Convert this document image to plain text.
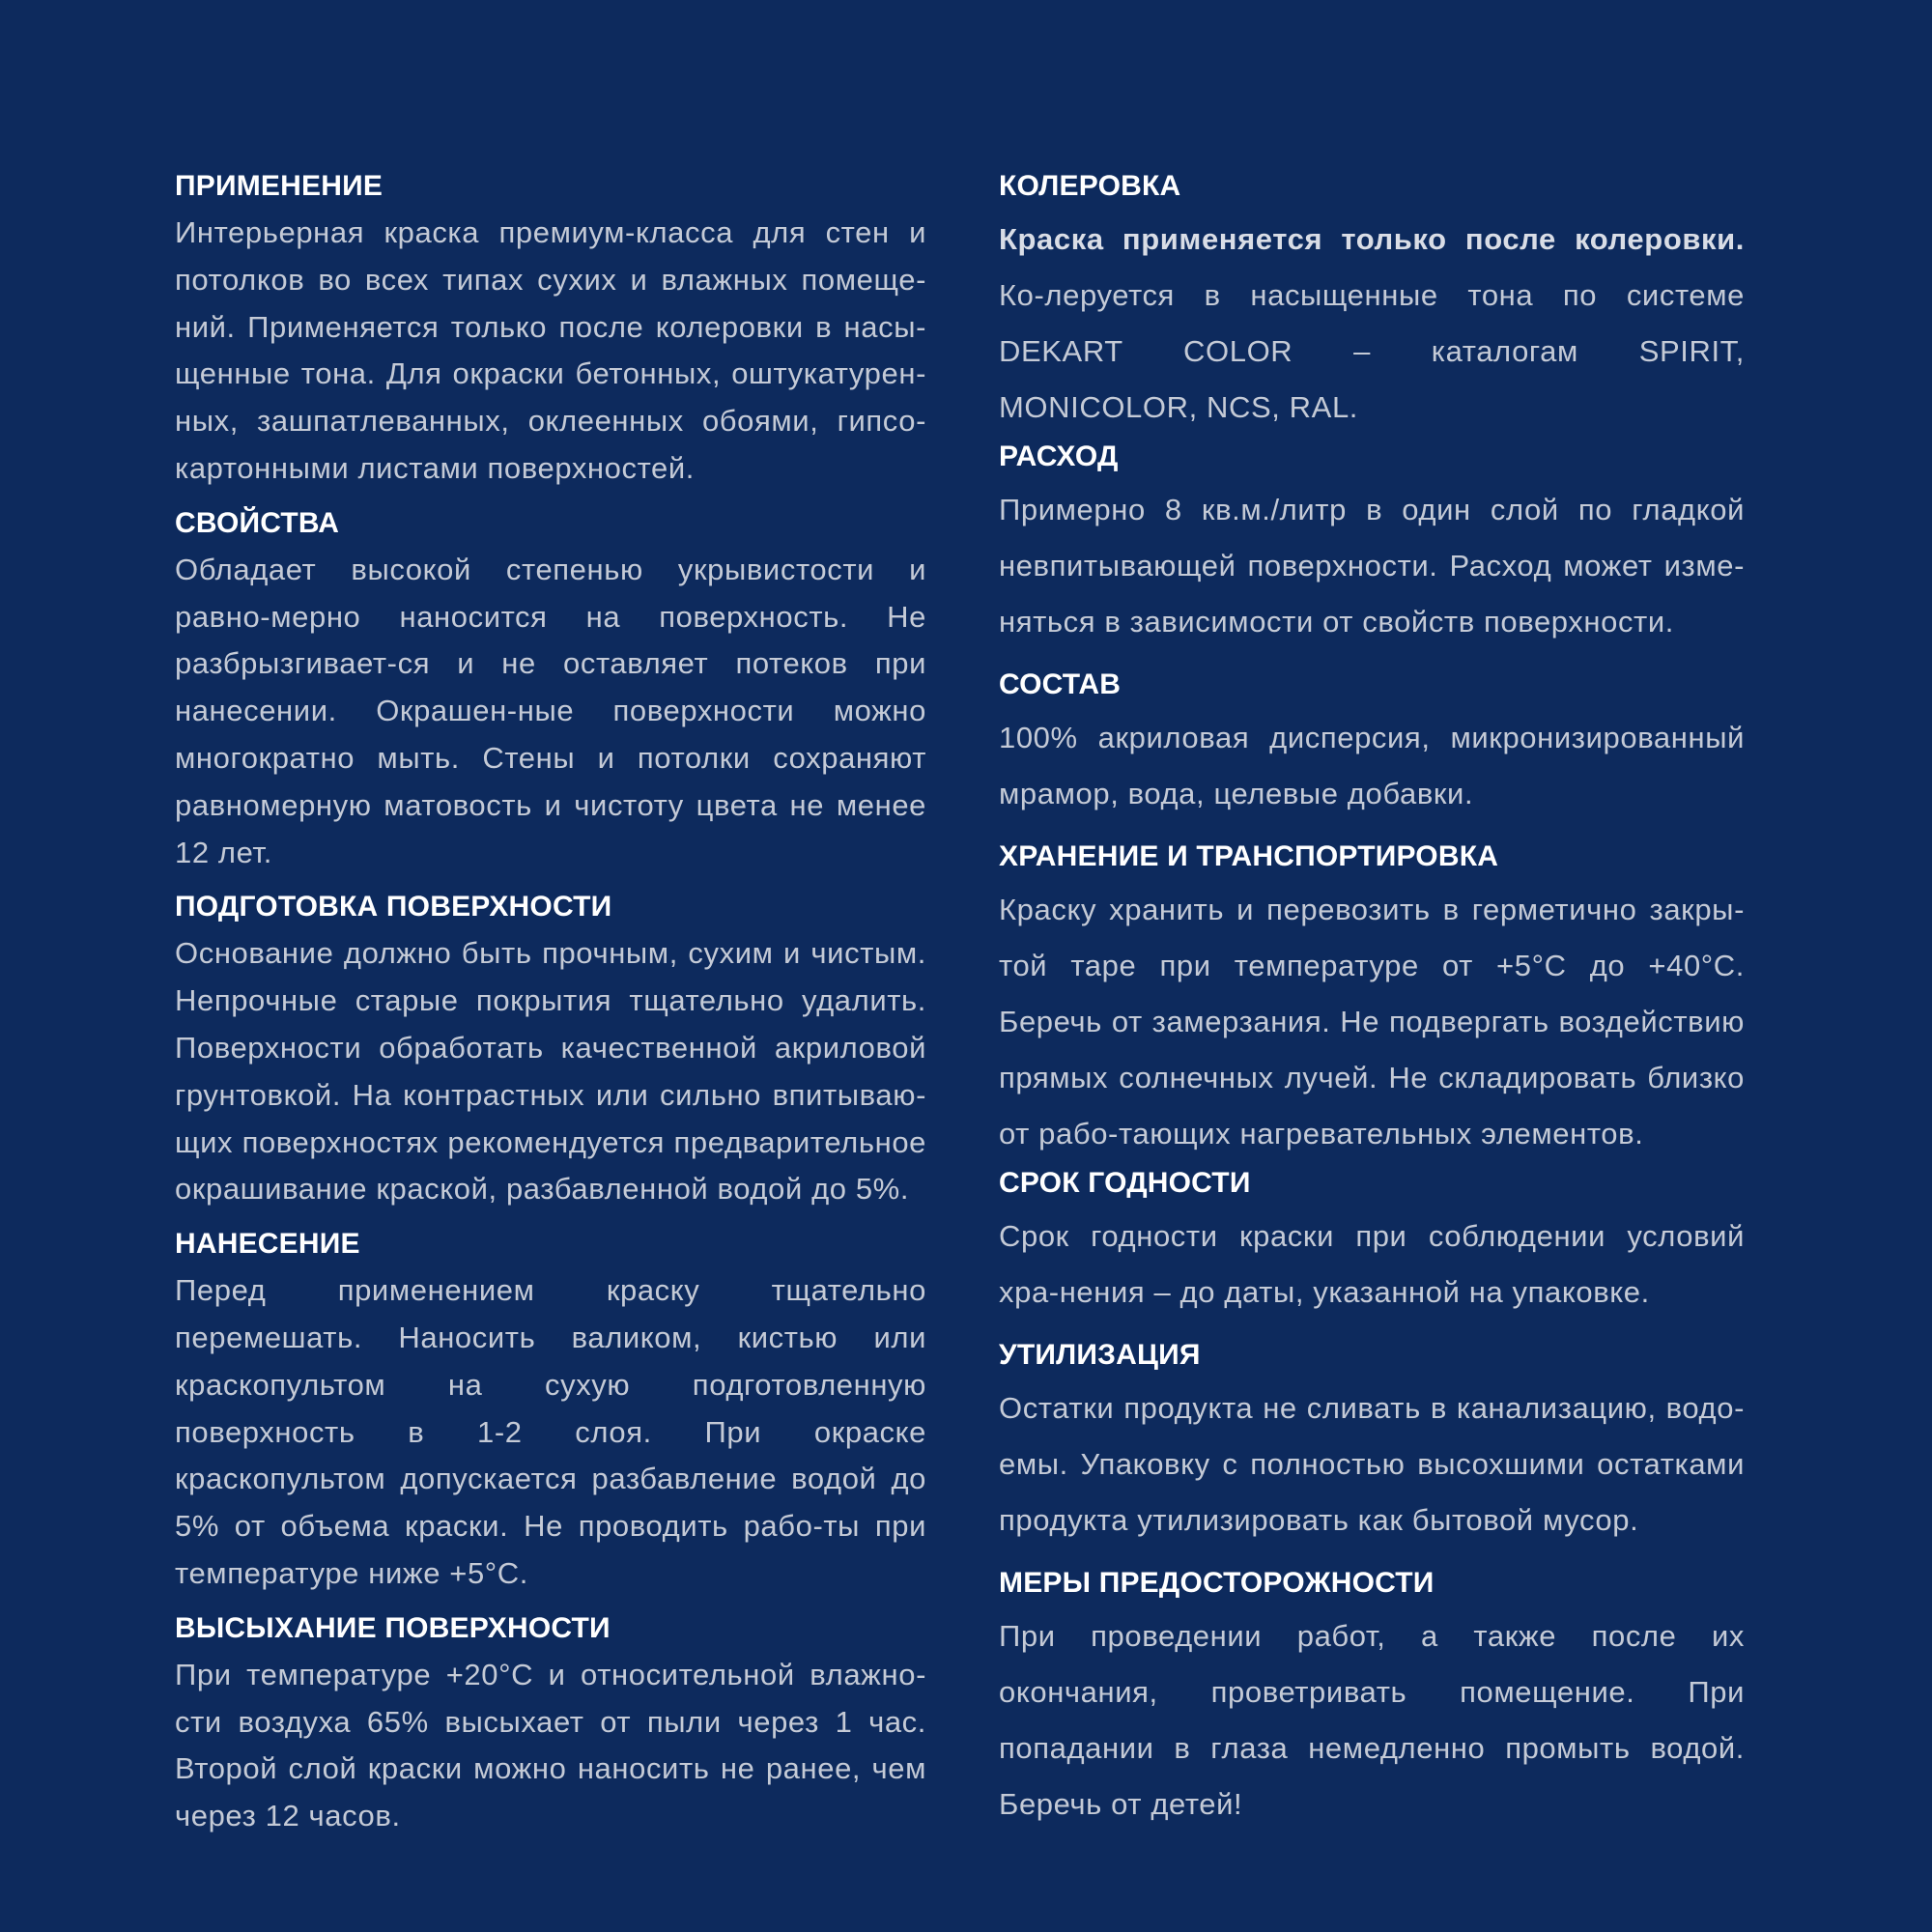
ПРИМЕНЕНИЕ

Интерьерная краска премиум-класса для стен и потолков во всех типах сухих и влажных помеще-ний. Применяется только после колеровки в насы-щенные тона. Для окраски бетонных, оштукатурен-ных, зашпатлеванных, оклеенных обоями, гипсо-картонными листами поверхностей.

СВОЙСТВА

Обладает высокой степенью укрывистости и равно-мерно наносится на поверхность. Не разбрызгивает-ся и не оставляет потеков при нанесении. Окрашен-ные поверхности можно многократно мыть. Стены и потолки сохраняют равномерную матовость и чистоту цвета не менее 12 лет.

ПОДГОТОВКА ПОВЕРХНОСТИ

Основание должно быть прочным, сухим и чистым. Непрочные старые покрытия тщательно удалить. Поверхности обработать качественной акриловой грунтовкой. На контрастных или сильно впитываю-щих поверхностях рекомендуется предварительное окрашивание краской, разбавленной водой до 5%.

НАНЕСЕНИЕ

Перед применением краску тщательно перемешать. Наносить валиком, кистью или краскопультом на сухую подготовленную поверхность в 1-2 слоя. При окраске краскопультом допускается разбавление водой до 5% от объема краски. Не проводить рабо-ты при температуре ниже +5°С.

ВЫСЫХАНИЕ ПОВЕРХНОСТИ

При температуре +20°С и относительной влажно-сти воздуха 65% высыхает от пыли через 1 час. Второй слой краски можно наносить не ранее, чем через 12 часов.

КОЛЕРОВКА

Краска применяется только после колеровки. Ко-леруется в насыщенные тона по системе DEKART COLOR – каталогам SPIRIT, MONICOLOR, NCS, RAL.

РАСХОД

Примерно 8 кв.м./литр в один слой по гладкой невпитывающей поверхности. Расход может изме-няться в зависимости от свойств поверхности.

СОСТАВ

100% акриловая дисперсия, микронизированный мрамор, вода, целевые добавки.

ХРАНЕНИЕ И ТРАНСПОРТИРОВКА

Краску хранить и перевозить в герметично закры-той таре при температуре от +5°С до +40°С. Беречь от замерзания. Не подвергать воздействию прямых солнечных лучей. Не складировать близко от рабо-тающих нагревательных элементов.

СРОК ГОДНОСТИ

Срок годности краски при соблюдении условий хра-нения – до даты, указанной на упаковке.

УТИЛИЗАЦИЯ

Остатки продукта не сливать в канализацию, водо-емы. Упаковку с полностью высохшими остатками продукта утилизировать как бытовой мусор.

МЕРЫ ПРЕДОСТОРОЖНОСТИ

При проведении работ, а также после их окончания, проветривать помещение. При попадании в глаза немедленно промыть водой. Беречь от детей!
